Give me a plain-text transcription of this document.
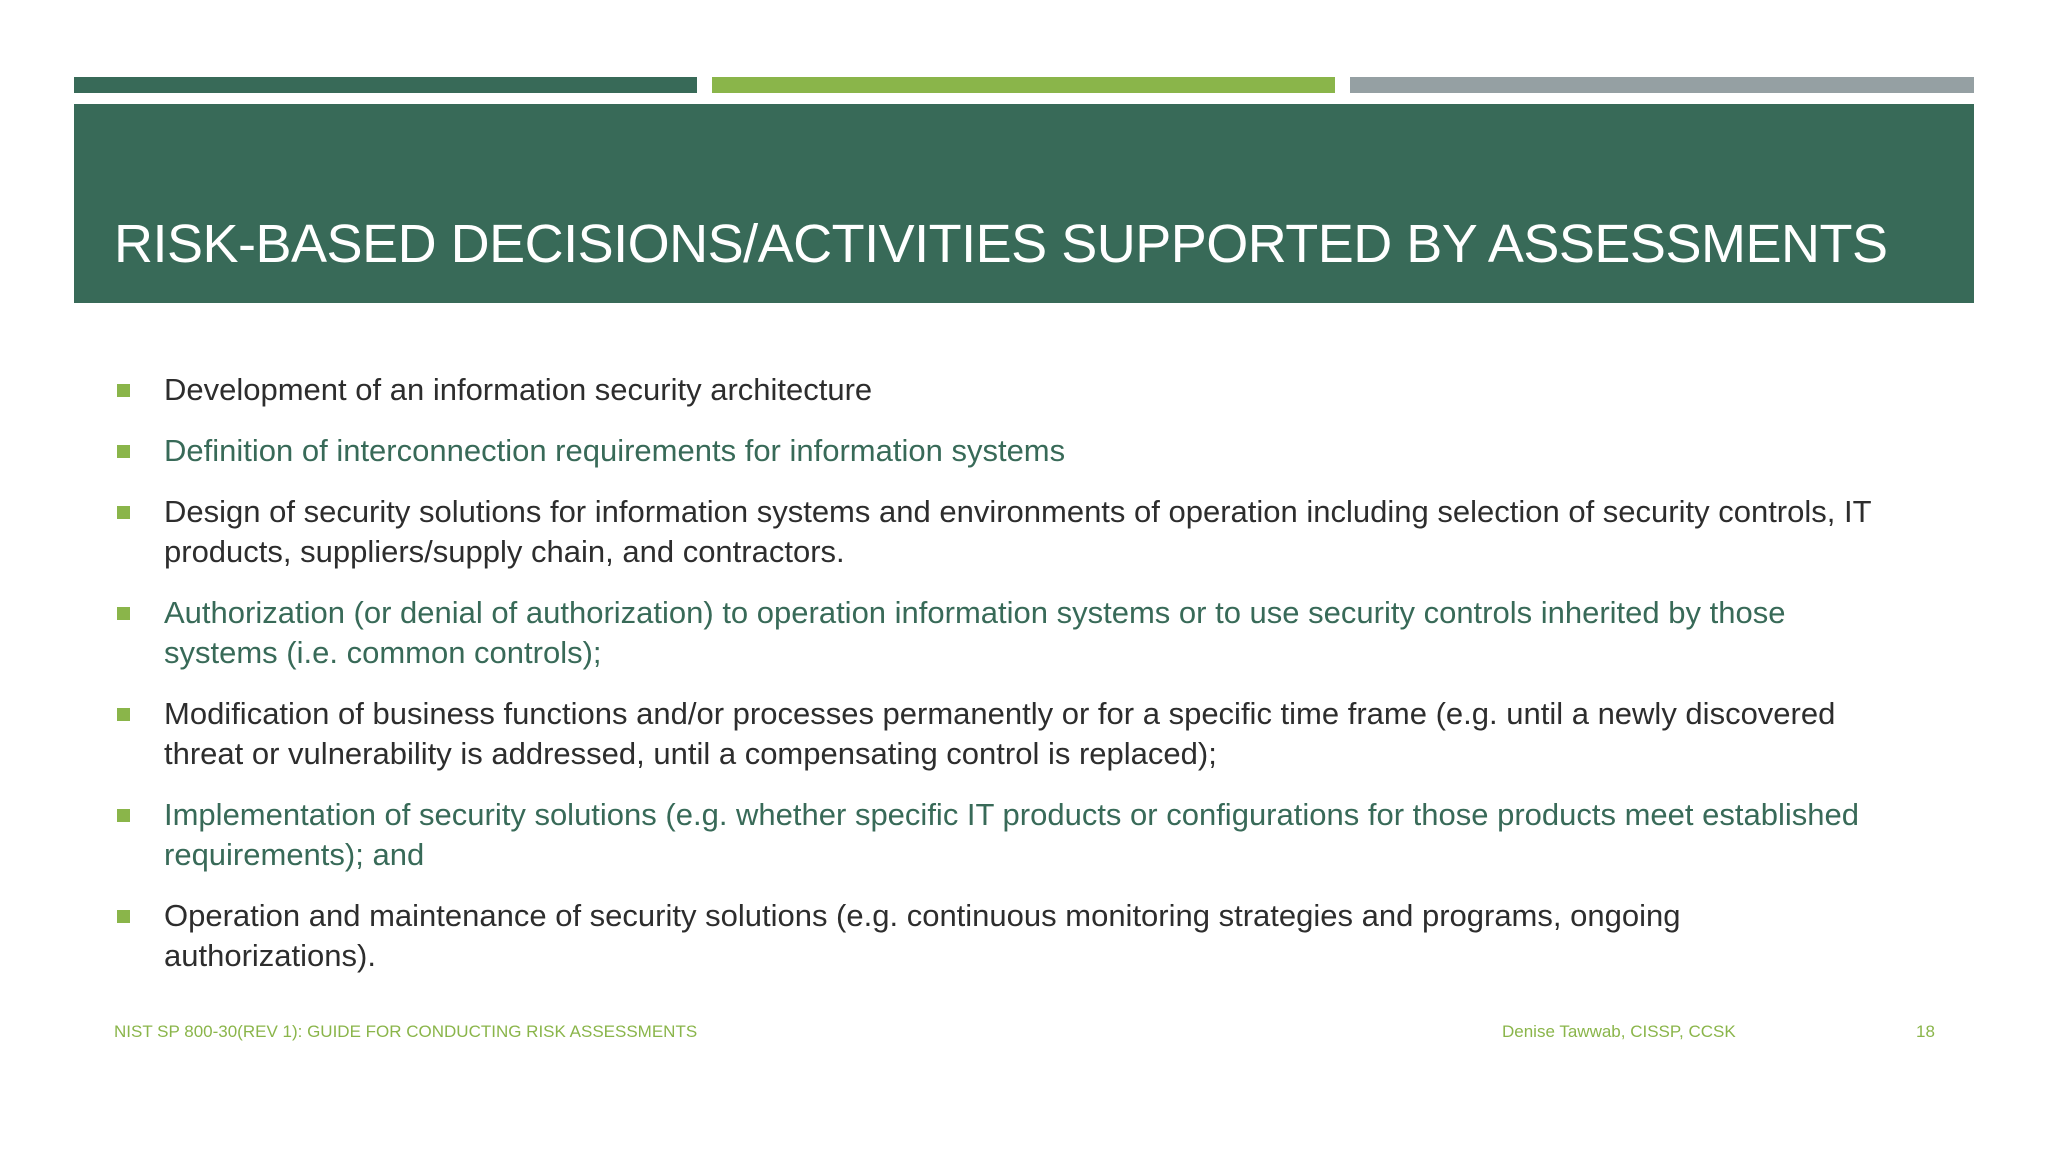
RISK-BASED DECISIONS/ACTIVITIES SUPPORTED BY ASSESSMENTS
Development of an information security architecture
Definition of interconnection requirements for information systems
Design of security solutions for information systems and environments of operation including selection of security controls, IT products, suppliers/supply chain, and contractors.
Authorization (or denial of authorization) to operation information systems or to use security controls inherited by those systems (i.e. common controls);
Modification of business functions and/or processes permanently or for a specific time frame (e.g. until a newly discovered threat or vulnerability is addressed, until a compensating control is replaced);
Implementation of security solutions (e.g. whether specific IT products or configurations for those products meet established requirements); and
Operation and maintenance of security solutions (e.g. continuous monitoring strategies and programs, ongoing authorizations).
NIST SP 800-30(REV 1): GUIDE FOR CONDUCTING RISK ASSESSMENTS	Denise Tawwab, CISSP, CCSK	18
